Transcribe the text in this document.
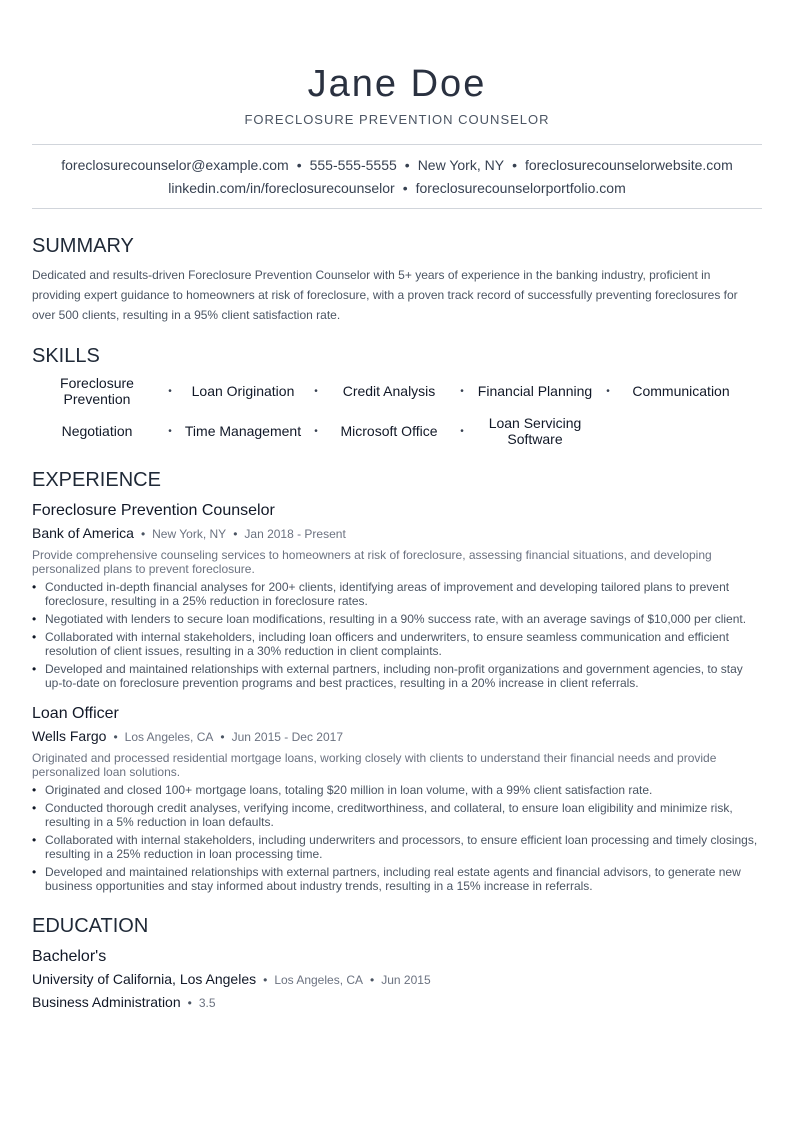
Jane Doe
FORECLOSURE PREVENTION COUNSELOR
foreclosurecounselor@example.com • 555-555-5555 • New York, NY • foreclosurecounselorwebsite.com
linkedin.com/in/foreclosurecounselor • foreclosurecounselorportfolio.com
SUMMARY
Dedicated and results-driven Foreclosure Prevention Counselor with 5+ years of experience in the banking industry, proficient in providing expert guidance to homeowners at risk of foreclosure, with a proven track record of successfully preventing foreclosures for over 500 clients, resulting in a 95% client satisfaction rate.
SKILLS
Foreclosure Prevention	•	Loan Origination	•	Credit Analysis	•	Financial Planning	•	Communication
Negotiation	• Time Management	•	Microsoft Office	•	Loan Servicing Software
EXPERIENCE
Foreclosure Prevention Counselor
Bank of America • New York, NY • Jan 2018 - Present
Provide comprehensive counseling services to homeowners at risk of foreclosure, assessing financial situations, and developing personalized plans to prevent foreclosure.
• Conducted in-depth financial analyses for 200+ clients, identifying areas of improvement and developing tailored plans to prevent foreclosure, resulting in a 25% reduction in foreclosure rates.
• Negotiated with lenders to secure loan modifications, resulting in a 90% success rate, with an average savings of $10,000 per client.
• Collaborated with internal stakeholders, including loan officers and underwriters, to ensure seamless communication and efficient resolution of client issues, resulting in a 30% reduction in client complaints.
• Developed and maintained relationships with external partners, including non-profit organizations and government agencies, to stay up-to-date on foreclosure prevention programs and best practices, resulting in a 20% increase in client referrals.
Loan Officer
Wells Fargo • Los Angeles, CA • Jun 2015 - Dec 2017
Originated and processed residential mortgage loans, working closely with clients to understand their financial needs and provide personalized loan solutions.
• Originated and closed 100+ mortgage loans, totaling $20 million in loan volume, with a 99% client satisfaction rate.
• Conducted thorough credit analyses, verifying income, creditworthiness, and collateral, to ensure loan eligibility and minimize risk, resulting in a 5% reduction in loan defaults.
• Collaborated with internal stakeholders, including underwriters and processors, to ensure efficient loan processing and timely closings, resulting in a 25% reduction in loan processing time.
• Developed and maintained relationships with external partners, including real estate agents and financial advisors, to generate new business opportunities and stay informed about industry trends, resulting in a 15% increase in referrals.
EDUCATION
Bachelor's
University of California, Los Angeles • Los Angeles, CA • Jun 2015
Business Administration • 3.5
